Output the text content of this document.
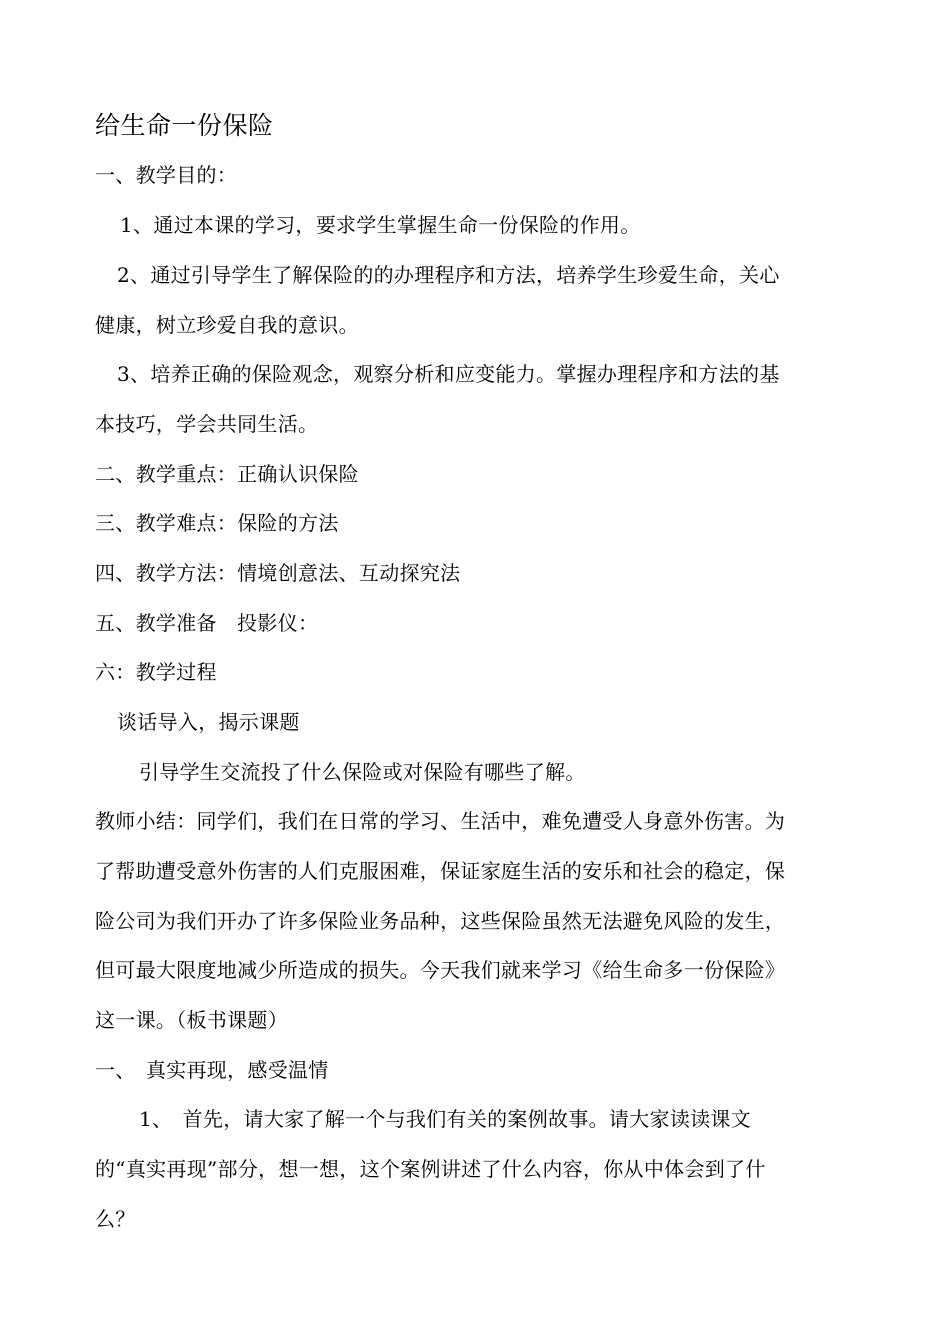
给生命一份保险
一、教学目的：
1、通过本课的学习，要求学生掌握生命一份保险的作用。
2、通过引导学生了解保险的的办理程序和方法，培养学生珍爱生命，关心
健康，树立珍爱自我的意识。
3、培养正确的保险观念，观察分析和应变能力。掌握办理程序和方法的基
本技巧，学会共同生活。
二、教学重点：正确认识保险
三、教学难点：保险的方法
四、教学方法：情境创意法、互动探究法
五、教学准备　投影仪：
六：教学过程
谈话导入，揭示课题
引导学生交流投了什么保险或对保险有哪些了解。
教师小结：同学们，我们在日常的学习、生活中，难免遭受人身意外伤害。为
了帮助遭受意外伤害的人们克服困难，保证家庭生活的安乐和社会的稳定，保
险公司为我们开办了许多保险业务品种，这些保险虽然无法避免风险的发生，
但可最大限度地减少所造成的损失。今天我们就来学习《给生命多一份保险》
这一课。（板书课题）
一、　真实再现，感受温情
1、　首先，请大家了解一个与我们有关的案例故事。请大家读读课文
的“真实再现”部分，想一想，这个案例讲述了什么内容，你从中体会到了什
么？
